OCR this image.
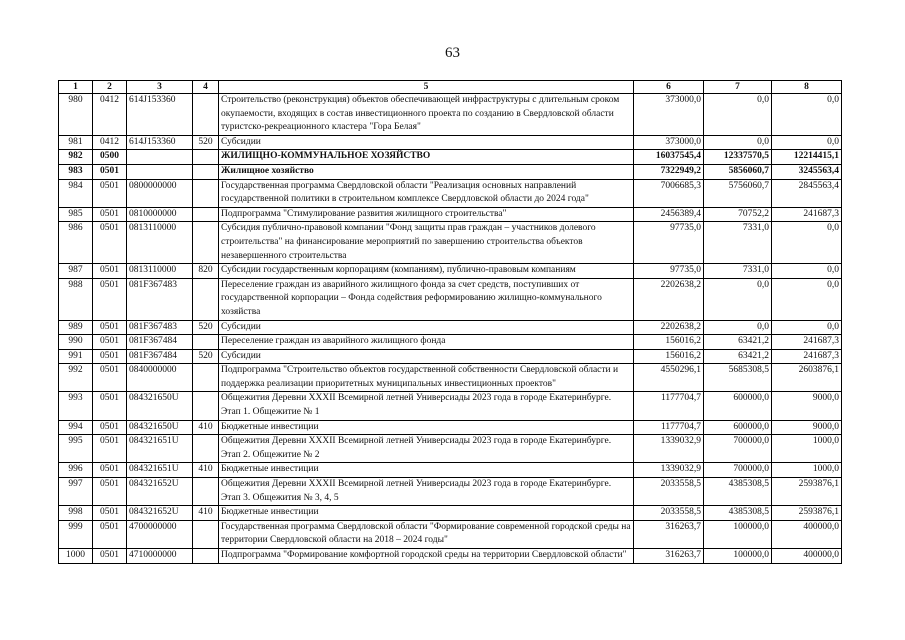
63
1	2	3	4	5	6	7	8
980	0412	614J153360		Строительство (реконструкция) объектов обеспечивающей инфраструктуры с длительным сроком окупаемости, входящих в состав инвестиционного проекта по созданию в Свердловской области туристско-рекреационного кластера "Гора Белая"	373000,0	0,0	0,0
981	0412	614J153360	520	Субсидии	373000,0	0,0	0,0
982	0500			ЖИЛИЩНО-КОММУНАЛЬНОЕ ХОЗЯЙСТВО	16037545,4	12337570,5	12214415,1
983	0501			Жилищное хозяйство	7322949,2	5856060,7	3245563,4
984	0501	0800000000		Государственная программа Свердловской области "Реализация основных направлений государственной политики в строительном комплексе Свердловской области до 2024 года"	7006685,3	5756060,7	2845563,4
985	0501	0810000000		Подпрограмма "Стимулирование развития жилищного строительства"	2456389,4	70752,2	241687,3
986	0501	0813110000		Субсидия публично-правовой компании "Фонд защиты прав граждан – участников долевого строительства" на финансирование мероприятий по завершению строительства объектов незавершенного строительства	97735,0	7331,0	0,0
987	0501	0813110000	820	Субсидии государственным корпорациям (компаниям), публично-правовым компаниям	97735,0	7331,0	0,0
988	0501	081F367483		Переселение граждан из аварийного жилищного фонда за счет средств, поступивших от государственной корпорации – Фонда содействия реформированию жилищно-коммунального хозяйства	2202638,2	0,0	0,0
989	0501	081F367483	520	Субсидии	2202638,2	0,0	0,0
990	0501	081F367484		Переселение граждан из аварийного жилищного фонда	156016,2	63421,2	241687,3
991	0501	081F367484	520	Субсидии	156016,2	63421,2	241687,3
992	0501	0840000000		Подпрограмма "Строительство объектов государственной собственности Свердловской области и поддержка реализации приоритетных муниципальных инвестиционных проектов"	4550296,1	5685308,5	2603876,1
993	0501	084321650U		Общежития Деревни XXXII Всемирной летней Универсиады 2023 года в городе Екатеринбурге. Этап 1. Общежитие № 1	1177704,7	600000,0	9000,0
994	0501	084321650U	410	Бюджетные инвестиции	1177704,7	600000,0	9000,0
995	0501	084321651U		Общежития Деревни XXXII Всемирной летней Универсиады 2023 года в городе Екатеринбурге. Этап 2. Общежитие № 2	1339032,9	700000,0	1000,0
996	0501	084321651U	410	Бюджетные инвестиции	1339032,9	700000,0	1000,0
997	0501	084321652U		Общежития Деревни XXXII Всемирной летней Универсиады 2023 года в городе Екатеринбурге. Этап 3. Общежития № 3, 4, 5	2033558,5	4385308,5	2593876,1
998	0501	084321652U	410	Бюджетные инвестиции	2033558,5	4385308,5	2593876,1
999	0501	4700000000		Государственная программа Свердловской области "Формирование современной городской среды на территории Свердловской области на 2018 – 2024 годы"	316263,7	100000,0	400000,0
1000	0501	4710000000		Подпрограмма "Формирование комфортной городской среды на территории Свердловской области"	316263,7	100000,0	400000,0
